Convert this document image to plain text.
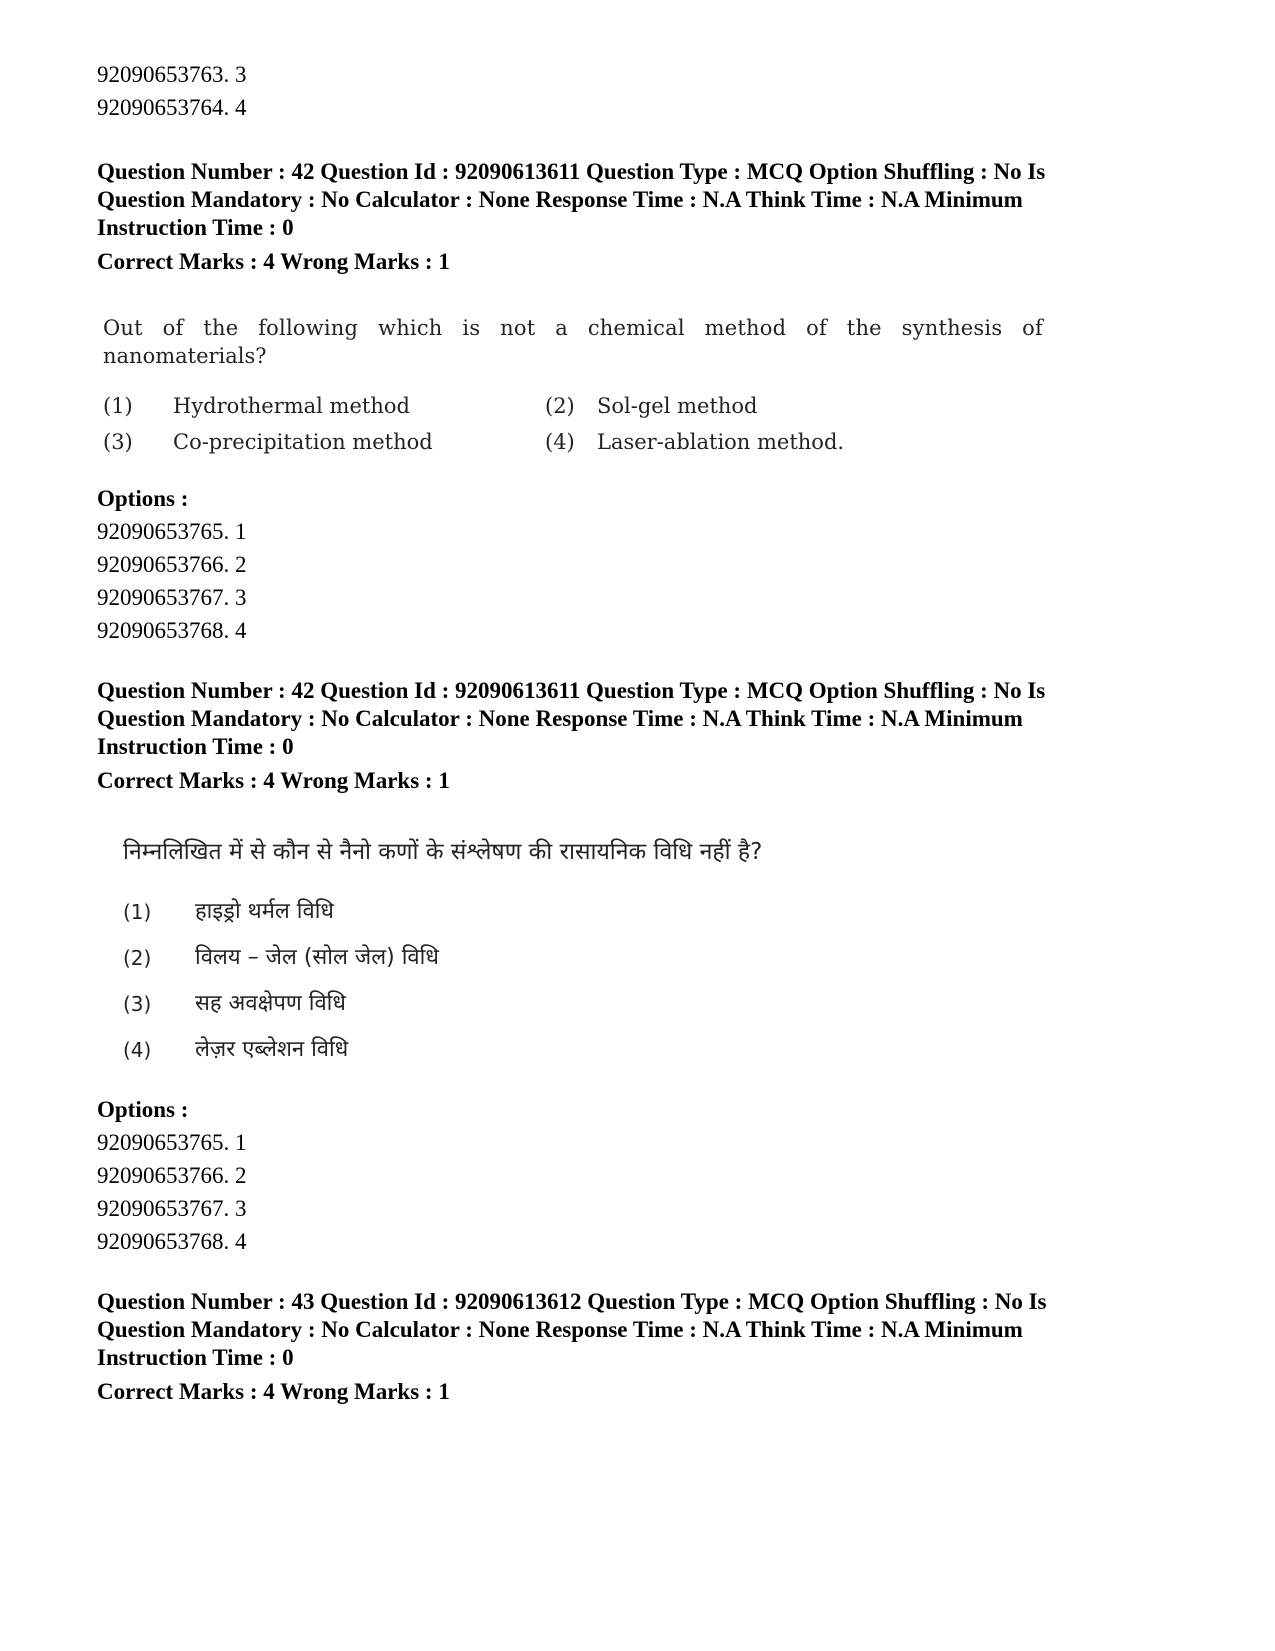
92090653763. 3
92090653764. 4
Question Number : 42 Question Id : 92090613611 Question Type : MCQ Option Shuffling : No Is
Question Mandatory : No Calculator : None Response Time : N.A Think Time : N.A Minimum
Instruction Time : 0
Correct Marks : 4 Wrong Marks : 1
Out of the following which is not a chemical method of the synthesis of
nanomaterials?
(1)	Hydrothermal method	(2)	Sol-gel method
(3)	Co-precipitation method	(4)	Laser-ablation method.
Options :
92090653765. 1
92090653766. 2
92090653767. 3
92090653768. 4
Question Number : 42 Question Id : 92090613611 Question Type : MCQ Option Shuffling : No Is
Question Mandatory : No Calculator : None Response Time : N.A Think Time : N.A Minimum
Instruction Time : 0
Correct Marks : 4 Wrong Marks : 1
निम्नलिखित में से कौन से नैनो कणों के संश्लेषण की रासायनिक विधि नहीं है?
(1)	हाइड्रो थर्मल विधि
(2)	विलय – जेल (सोल जेल) विधि
(3)	सह अवक्षेपण विधि
(4)	लेज़र एब्लेशन विधि
Options :
92090653765. 1
92090653766. 2
92090653767. 3
92090653768. 4
Question Number : 43 Question Id : 92090613612 Question Type : MCQ Option Shuffling : No Is
Question Mandatory : No Calculator : None Response Time : N.A Think Time : N.A Minimum
Instruction Time : 0
Correct Marks : 4 Wrong Marks : 1
